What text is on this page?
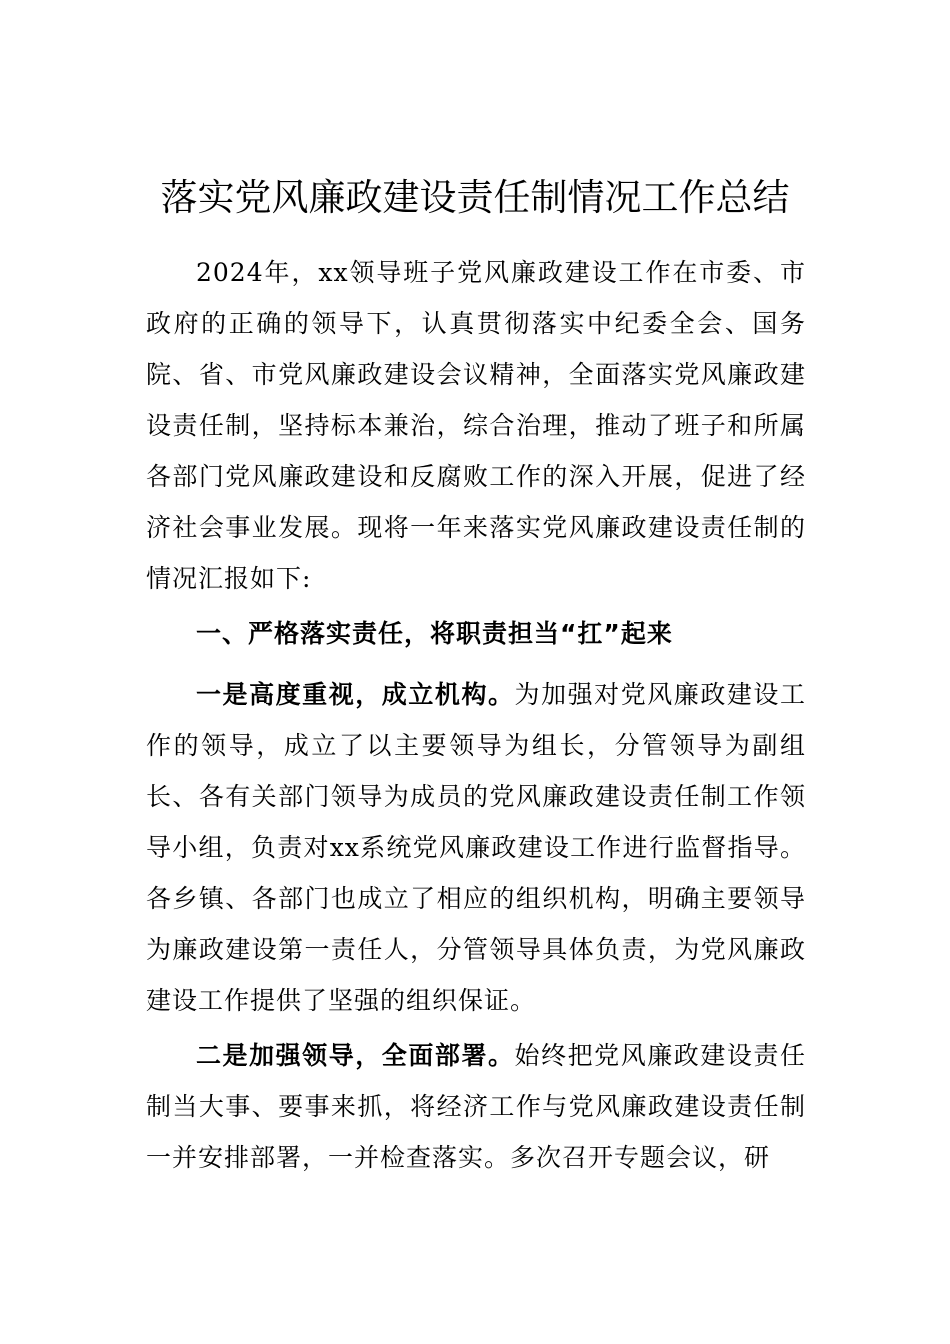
落实党风廉政建设责任制情况工作总结

2024年，xx领导班子党风廉政建设工作在市委、市政府的正确的领导下，认真贯彻落实中纪委全会、国务院、省、市党风廉政建设会议精神，全面落实党风廉政建设责任制，坚持标本兼治，综合治理，推动了班子和所属各部门党风廉政建设和反腐败工作的深入开展，促进了经济社会事业发展。现将一年来落实党风廉政建设责任制的情况汇报如下:

一、严格落实责任，将职责担当“扛”起来

一是高度重视，成立机构。为加强对党风廉政建设工作的领导，成立了以主要领导为组长，分管领导为副组长、各有关部门领导为成员的党风廉政建设责任制工作领导小组，负责对xx系统党风廉政建设工作进行监督指导。各乡镇、各部门也成立了相应的组织机构，明确主要领导为廉政建设第一责任人，分管领导具体负责，为党风廉政建设工作提供了坚强的组织保证。

二是加强领导，全面部署。始终把党风廉政建设责任制当大事、要事来抓，将经济工作与党风廉政建设责任制一并安排部署，一并检查落实。多次召开专题会议，研
